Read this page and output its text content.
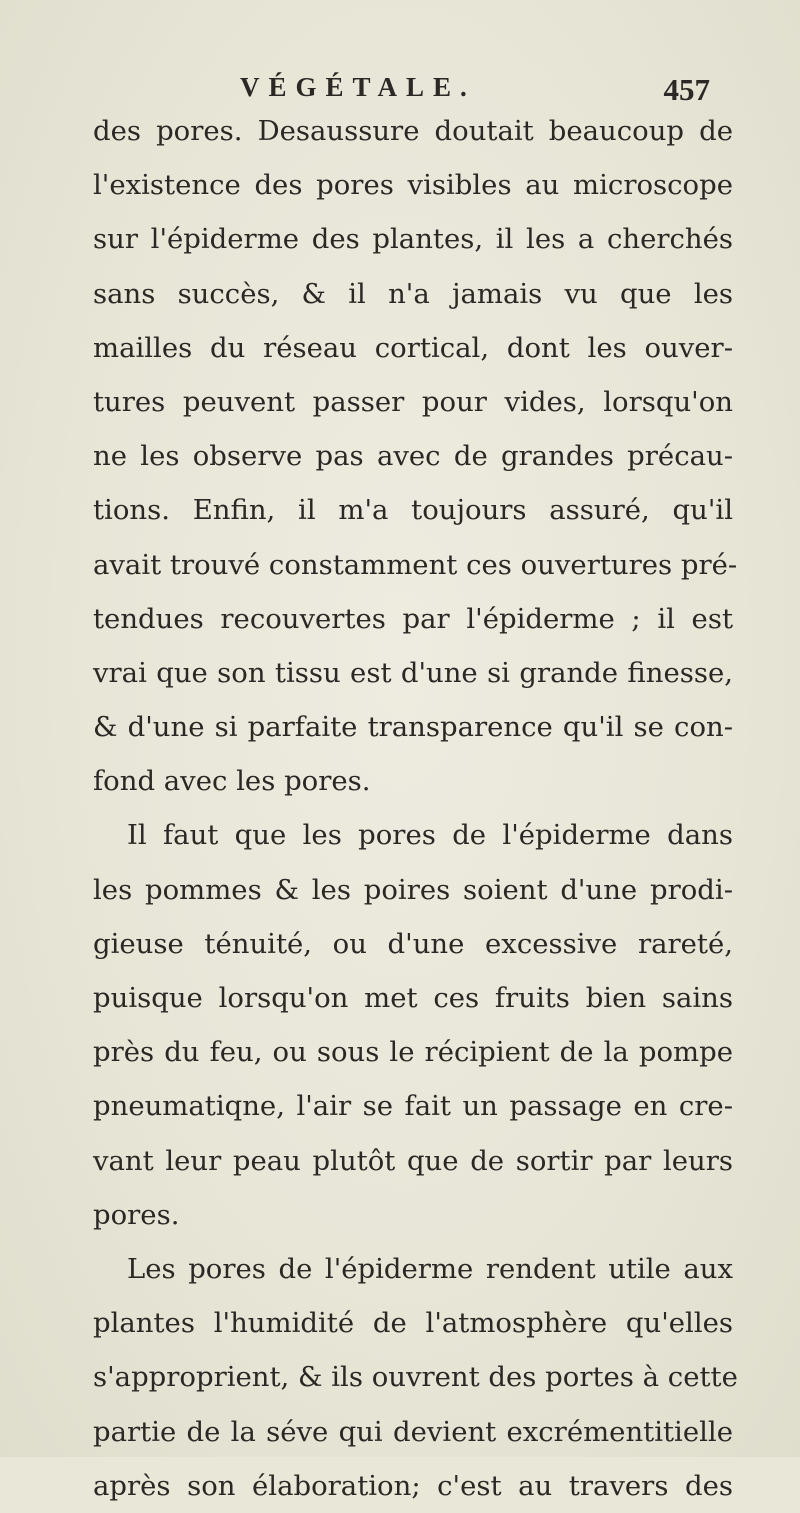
VÉGÉTALE.	457
des pores. Desaussure doutait beaucoup de
l'existence des pores visibles au microscope
sur l'épiderme des plantes, il les a cherchés
sans succès, & il n'a jamais vu que les
mailles du réseau cortical, dont les ouver-
tures peuvent passer pour vides, lorsqu'on
ne les observe pas avec de grandes précau-
tions. Enfin, il m'a toujours assuré, qu'il
avait trouvé constamment ces ouvertures pré-
tendues recouvertes par l'épiderme ; il est
vrai que son tissu est d'une si grande finesse,
& d'une si parfaite transparence qu'il se con-
fond avec les pores.
Il faut que les pores de l'épiderme dans
les pommes & les poires soient d'une prodi-
gieuse ténuité, ou d'une excessive rareté,
puisque lorsqu'on met ces fruits bien sains
près du feu, ou sous le récipient de la pompe
pneumatiqne, l'air se fait un passage en cre-
vant leur peau plutôt que de sortir par leurs
pores.
Les pores de l'épiderme rendent utile aux
plantes l'humidité de l'atmosphère qu'elles
s'approprient, & ils ouvrent des portes à cette
partie de la séve qui devient excrémentitielle
après son élaboration; c'est au travers des
